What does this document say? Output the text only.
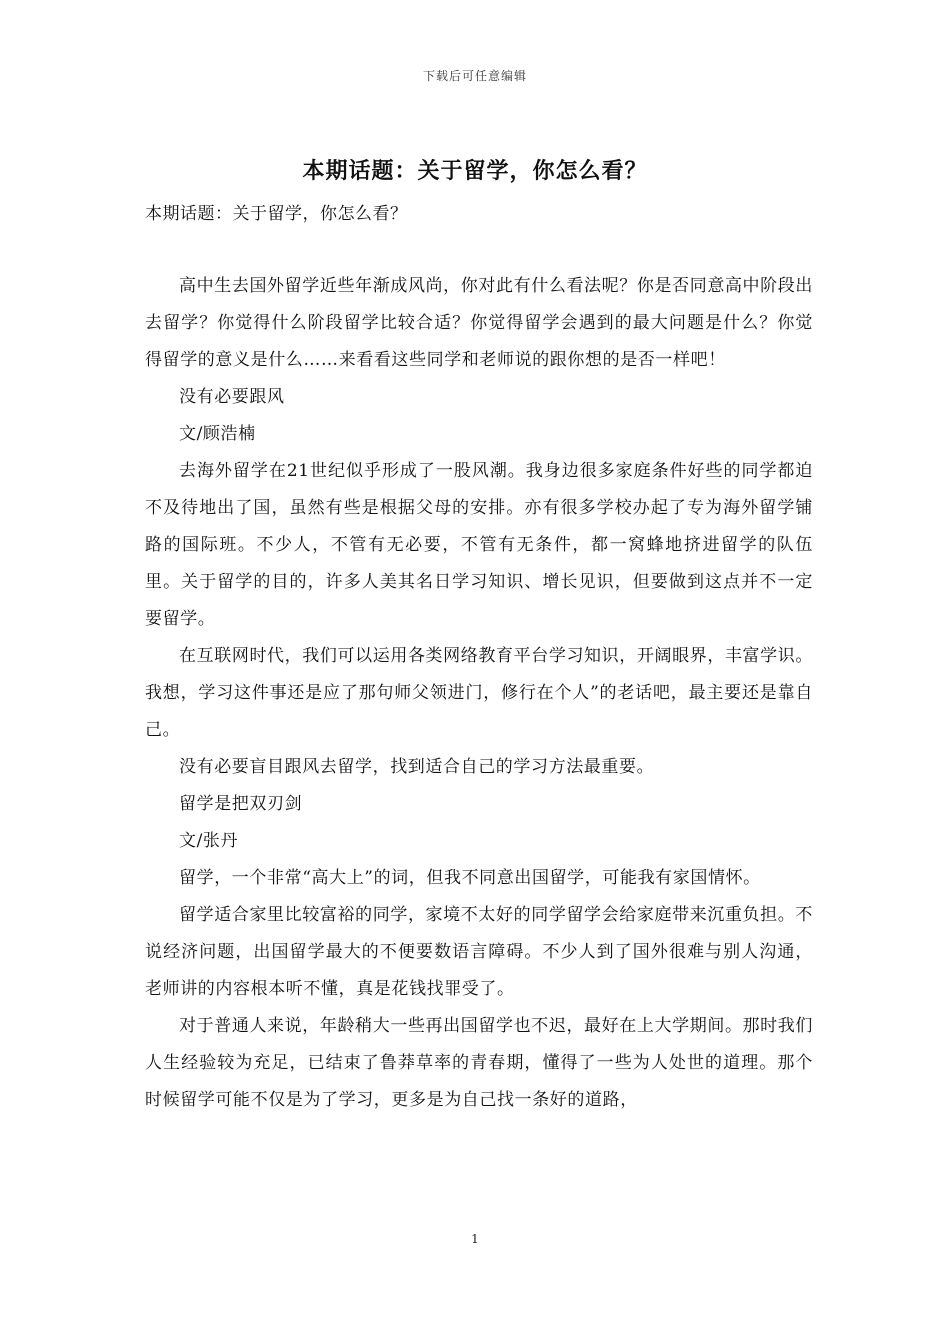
下载后可任意编辑
本期话题：关于留学，你怎么看？
本期话题：关于留学，你怎么看？

高中生去国外留学近些年渐成风尚，你对此有什么看法呢？你是否同意高中阶段出去留学？你觉得什么阶段留学比较合适？你觉得留学会遇到的最大问题是什么？你觉得留学的意义是什么……来看看这些同学和老师说的跟你想的是否一样吧！

没有必要跟风

文/顾浩楠

去海外留学在21世纪似乎形成了一股风潮。我身边很多家庭条件好些的同学都迫不及待地出了国，虽然有些是根据父母的安排。亦有很多学校办起了专为海外留学铺路的国际班。不少人，不管有无必要，不管有无条件，都一窝蜂地挤进留学的队伍里。关于留学的目的，许多人美其名日学习知识、增长见识，但要做到这点并不一定要留学。

在互联网时代，我们可以运用各类网络教育平台学习知识，开阔眼界，丰富学识。我想，学习这件事还是应了那句师父领进门，修行在个人”的老话吧，最主要还是靠自己。

没有必要盲目跟风去留学，找到适合自己的学习方法最重要。

留学是把双刃剑

文/张丹

留学，一个非常“高大上”的词，但我不同意出国留学，可能我有家国情怀。

留学适合家里比较富裕的同学，家境不太好的同学留学会给家庭带来沉重负担。不说经济问题，出国留学最大的不便要数语言障碍。不少人到了国外很难与别人沟通，老师讲的内容根本听不懂，真是花钱找罪受了。

对于普通人来说，年龄稍大一些再出国留学也不迟，最好在上大学期间。那时我们人生经验较为充足，已结束了鲁莽草率的青春期，懂得了一些为人处世的道理。那个时候留学可能不仅是为了学习，更多是为自己找一条好的道路，

1
